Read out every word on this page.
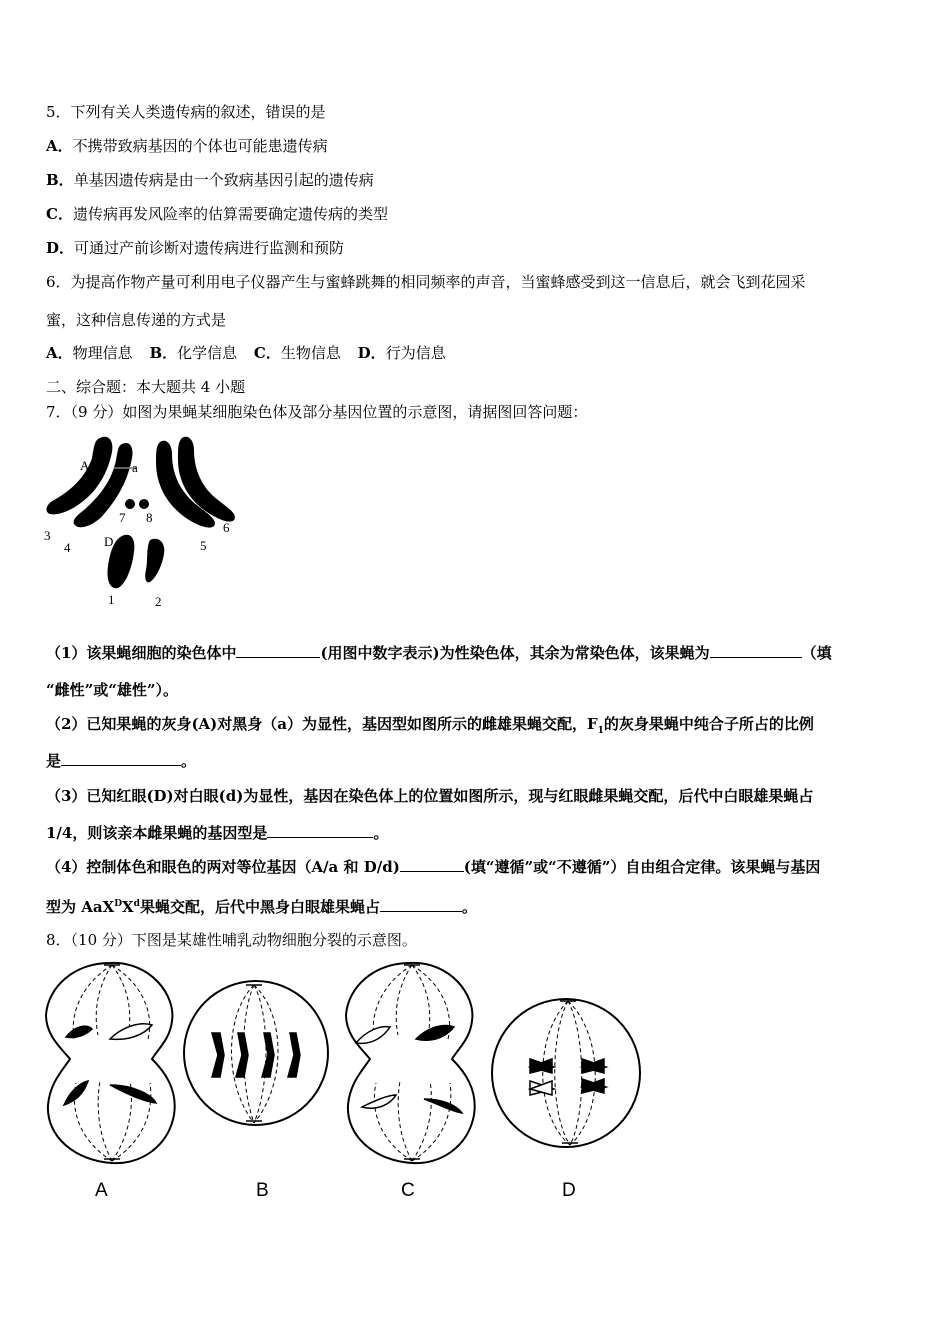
5．下列有关人类遗传病的叙述，错误的是
A．不携带致病基因的个体也可能患遗传病
B．单基因遗传病是由一个致病基因引起的遗传病
C．遗传病再发风险率的估算需要确定遗传病的类型
D．可通过产前诊断对遗传病进行监测和预防
6．为提高作物产量可利用电子仪器产生与蜜蜂跳舞的相同频率的声音，当蜜蜂感受到这一信息后，就会飞到花园采
蜜，这种信息传递的方式是
A．物理信息 B．化学信息 C．生物信息 D．行为信息
二、综合题：本大题共 4 小题
7．（9 分）如图为果蝇某细胞染色体及部分基因位置的示意图，请据图回答问题：
A	a
D
1	2
3
4	5
6
7 8
（1）该果蝇细胞的染色体中	(用图中数字表示)为性染色体，其余为常染色体，该果蝇为	（填
“雌性”或“雄性”）。
（2）已知果蝇的灰身(A)对黑身（a）为显性，基因型如图所示的雌雄果蝇交配，$F_1$的灰身果蝇中纯合子所占的比例
是	。
（3）已知红眼(D)对白眼(d)为显性，基因在染色体上的位置如图所示，现与红眼雌果蝇交配，后代中白眼雄果蝇占
1/4，则该亲本雌果蝇的基因型是	。
（4）控制体色和眼色的两对等位基因（A/a 和 D/d)	(填“遵循”或“不遵循”）自由组合定律。该果蝇与基因
型为 $AaX^DX^d$果蝇交配，后代中黑身白眼雄果蝇占	。
8．（10 分）下图是某雄性哺乳动物细胞分裂的示意图。
A	B	C	D
